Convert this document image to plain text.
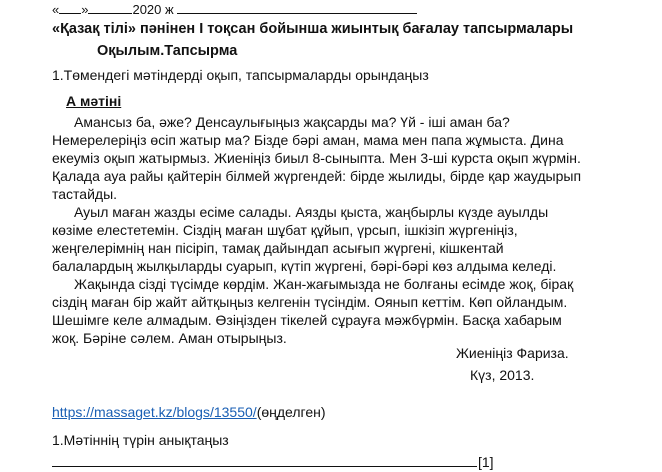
« »	2020 ж
«Қазақ тілі» пәнінен І тоқсан бойынша жиынтық бағалау тапсырмалары
Оқылым.Тапсырма
1.Төмендегі мәтіндерді оқып, тапсырмаларды орындаңыз
А мәтіні
Амансыз ба, әже? Денсаулығыңыз жақсарды ма? Үй - іші аман ба?
Немерелеріңіз өсіп жатыр ма? Бізде бәрі аман, мама мен папа жұмыста. Дина
екеуміз оқып жатырмыз. Жиеніңіз биыл 8-сыныпта. Мен 3-ші курста оқып жүрмін.
Қалада ауа райы қайтерін білмей жүргендей: бірде жылиды, бірде қар жаудырып
тастайды.
Ауыл маған жазды есіме салады. Аязды қыста, жаңбырлы күзде ауылды
көзіме елестетемін. Сіздің маған шұбат құйып, үрсып, ішкізіп жүргеніңіз,
жеңгелерімнің нан пісіріп, тамақ дайындап асығып жүргені, кішкентай
балалардың жылқыларды суарып, күтіп жүргені, бәрі-бәрі көз алдыма келеді.
Жақында сізді түсімде көрдім. Жан-жағымызда не болғаны есімде жоқ, бірақ
сіздің маған бір жайт айтқыңыз келгенін түсіндім. Оянып кеттім. Көп ойландым.
Шешімге келе алмадым. Өзіңізден тікелей сұрауға мәжбүрмін. Басқа хабарым
жоқ. Бәріне сәлем. Аман отырыңыз.
Жиеніңіз Фариза.
Күз, 2013.
https://massaget.kz/blogs/13550/(өңделген)
1.Мәтіннің түрін анықтаңыз
[1]
